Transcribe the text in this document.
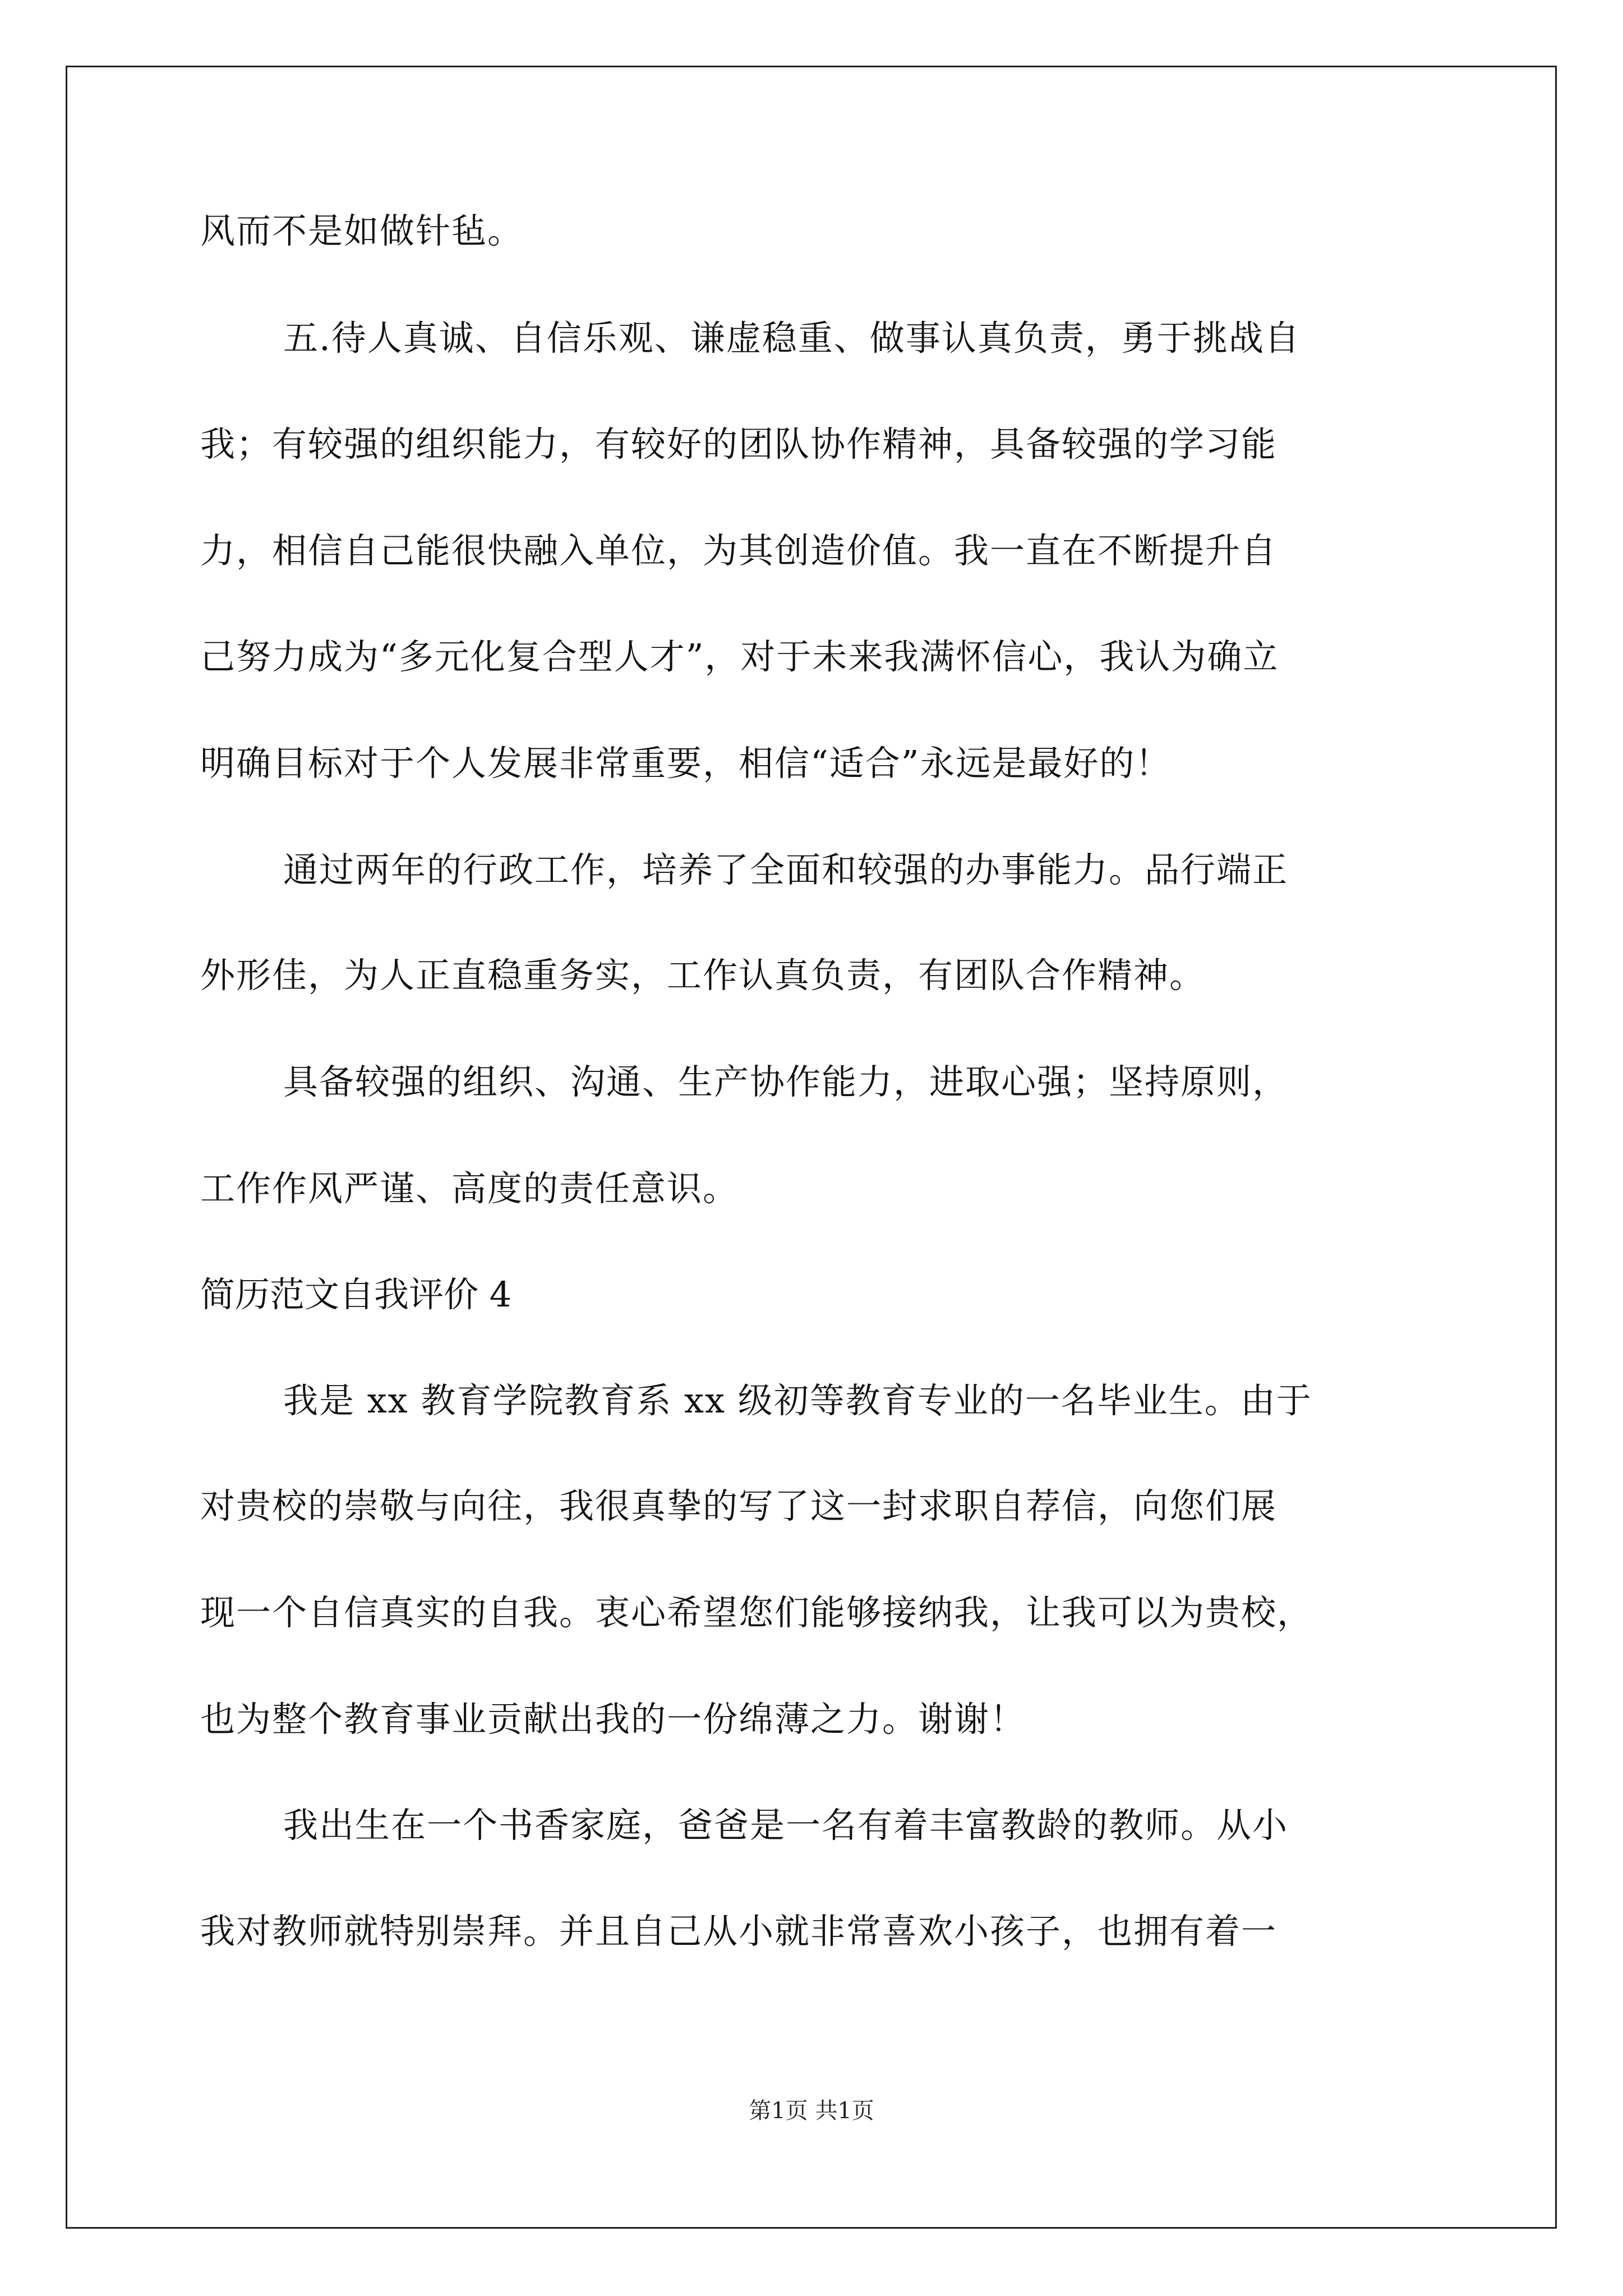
风而不是如做针毡。
五.待人真诚、自信乐观、谦虚稳重、做事认真负责，勇于挑战自
我；有较强的组织能力，有较好的团队协作精神，具备较强的学习能
力，相信自己能很快融入单位，为其创造价值。我一直在不断提升自
己努力成为“多元化复合型人才”，对于未来我满怀信心，我认为确立
明确目标对于个人发展非常重要，相信“适合”永远是最好的！
通过两年的行政工作，培养了全面和较强的办事能力。品行端正
外形佳，为人正直稳重务实，工作认真负责，有团队合作精神。
具备较强的组织、沟通、生产协作能力，进取心强；坚持原则，
工作作风严谨、高度的责任意识。
简历范文自我评价 4
我是 xx 教育学院教育系 xx 级初等教育专业的一名毕业生。由于
对贵校的崇敬与向往，我很真挚的写了这一封求职自荐信，向您们展
现一个自信真实的自我。衷心希望您们能够接纳我，让我可以为贵校，
也为整个教育事业贡献出我的一份绵薄之力。谢谢！
我出生在一个书香家庭，爸爸是一名有着丰富教龄的教师。从小
我对教师就特别崇拜。并且自己从小就非常喜欢小孩子，也拥有着一
第1页 共1页
